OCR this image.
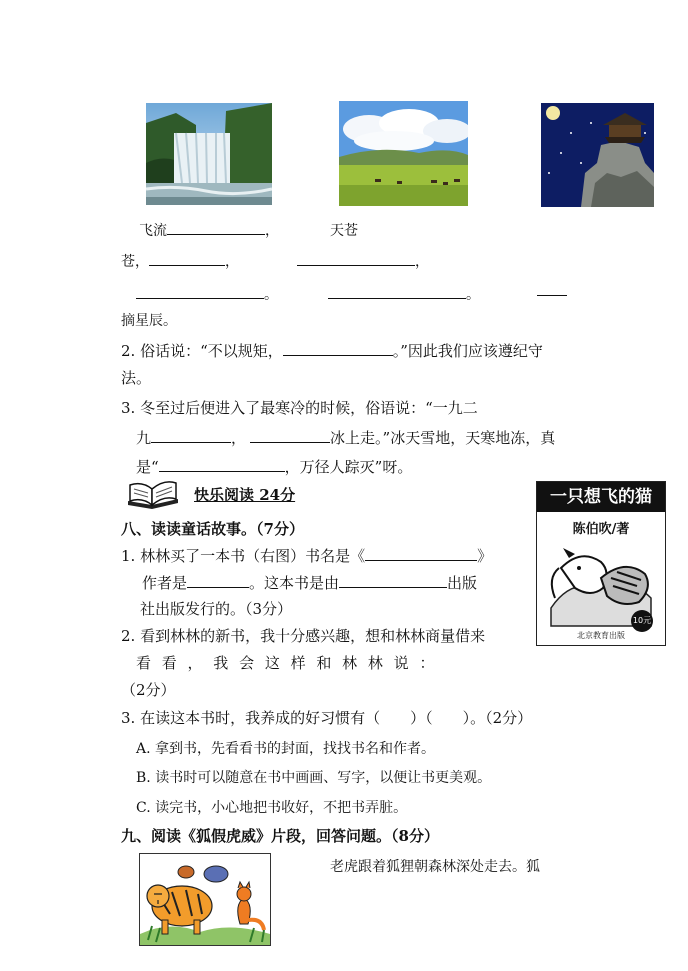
飞流	，	天苍
苍，	，	，
。	。
摘星辰。
2. 俗话说：“不以规矩，	。”因此我们应该遵纪守
法。
3. 冬至过后便进入了最寒冷的时候，俗语说：“一九二
九	，	冰上走。”冰天雪地，天寒地冻，真
是“	，万径人踪灭”呀。
快乐阅读 24分	一只想飞的猫
陈伯吹/著
10元
北京教育出版
八、读读童话故事。（7分）
1. 林林买了一本书（右图）书名是《	》
作者是	。这本书是由	出版
社出版发行的。（3分）
2. 看到林林的新书，我十分感兴趣，想和林林商量借来
看 看 ， 我 会 这 样 和 林 林 说 ：
（2分）
3. 在读这本书时，我养成的好习惯有（　　）（　　）。（2分）
A. 拿到书，先看看书的封面，找找书名和作者。
B. 读书时可以随意在书中画画、写字，以便让书更美观。
C. 读完书，小心地把书收好，不把书弄脏。
九、阅读《狐假虎威》片段，回答问题。（8分）
老虎跟着狐狸朝森林深处走去。狐
